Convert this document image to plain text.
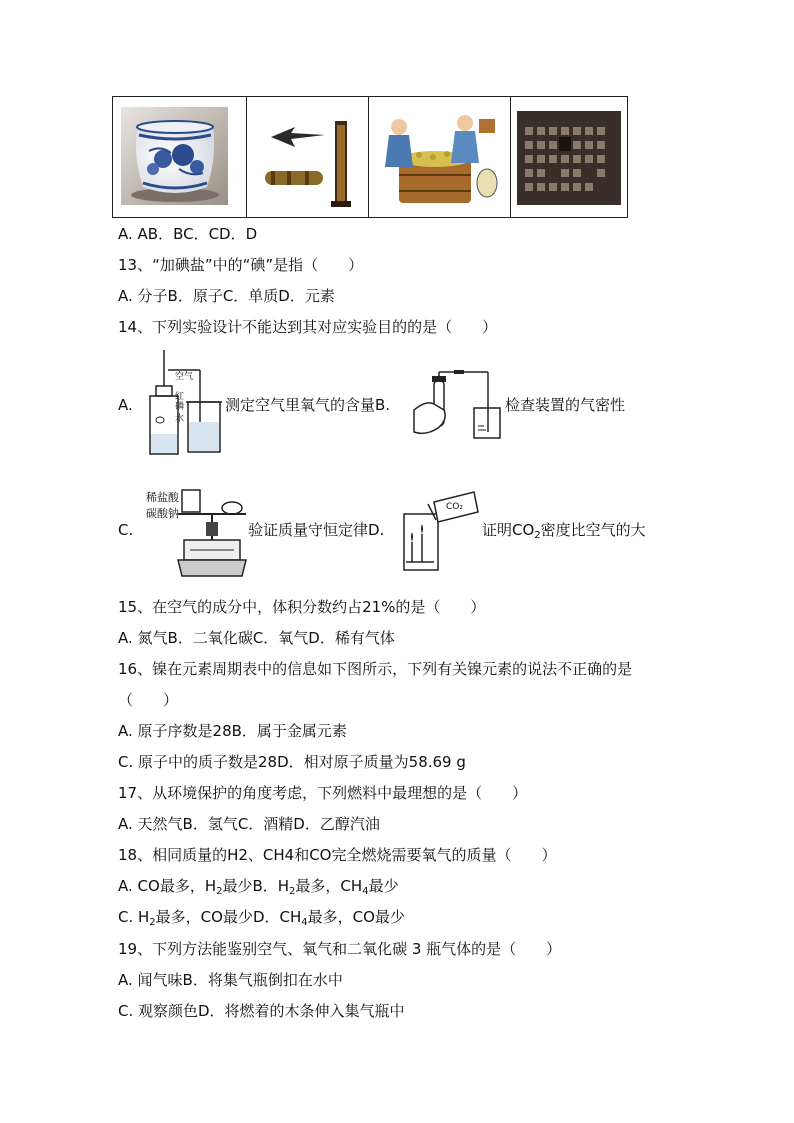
A. AB．BC．CD．D
13、“加碘盐”中的“碘”是指（　　）
A. 分子B．原子C．单质D．元素
14、下列实验设计不能达到其对应实验目的的是（　　）
A.
空 气
红
磷
水
测定空气里氧气的含量B.	检查装置的气密性
C.
稀盐酸
碳酸钠
验证质量守恒定律D.
CO₂
证明$CO_2$密度比空气的大
15、在空气的成分中，体积分数约占21%的是（　　）
A. 氮气B．二氧化碳C．氧气D．稀有气体
16、镍在元素周期表中的信息如下图所示，下列有关镍元素的说法不正确的是
（　　）
A. 原子序数是28B．属于金属元素
C. 原子中的质子数是28D．相对原子质量为58.69 g
17、从环境保护的角度考虑，下列燃料中最理想的是（　　）
A. 天然气B．氢气C．酒精D．乙醇汽油
18、相同质量的H2、CH4和CO完全燃烧需要氧气的质量（　　）
A. CO最多，$H_2$最少B．$H_2$最多，$CH_4$最少
C. $H_2$最多，CO最少D．$CH_4$最多，CO最少
19、下列方法能鉴别空气、氧气和二氧化碳 3 瓶气体的是（　　）
A. 闻气味B．将集气瓶倒扣在水中
C. 观察颜色D．将燃着的木条伸入集气瓶中
